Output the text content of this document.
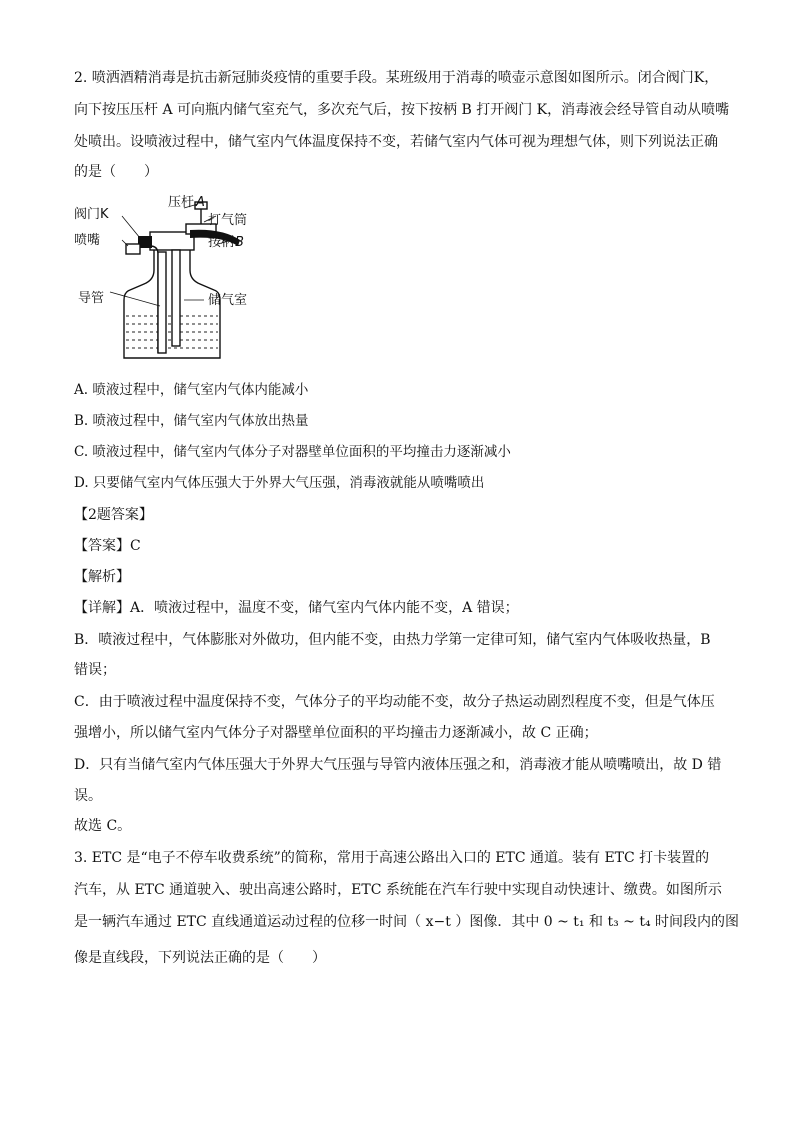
2. 喷洒酒精消毒是抗击新冠肺炎疫情的重要手段。某班级用于消毒的喷壶示意图如图所示。闭合阀门K，
向下按压压杆 A 可向瓶内储气室充气，多次充气后，按下按柄 B 打开阀门 K，消毒液会经导管自动从喷嘴
处喷出。设喷液过程中，储气室内气体温度保持不变，若储气室内气体可视为理想气体，则下列说法正确
的是（　　）
压杆 A
阀门K	打气筒
喷嘴	按柄 B
导管	储气室
A. 喷液过程中，储气室内气体内能减小
B. 喷液过程中，储气室内气体放出热量
C. 喷液过程中，储气室内气体分子对器壁单位面积的平均撞击力逐渐减小
D. 只要储气室内气体压强大于外界大气压强，消毒液就能从喷嘴喷出
【2题答案】
【答案】C
【解析】
【详解】A．喷液过程中，温度不变，储气室内气体内能不变，A 错误；
B．喷液过程中，气体膨胀对外做功，但内能不变，由热力学第一定律可知，储气室内气体吸收热量，B
错误；
C．由于喷液过程中温度保持不变，气体分子的平均动能不变，故分子热运动剧烈程度不变，但是气体压
强增小，所以储气室内气体分子对器壁单位面积的平均撞击力逐渐减小，故 C 正确；
D．只有当储气室内气体压强大于外界大气压强与导管内液体压强之和，消毒液才能从喷嘴喷出，故 D 错
误。
故选 C。
3. ETC 是“电子不停车收费系统”的简称，常用于高速公路出入口的 ETC 通道。装有 ETC 打卡装置的
汽车，从 ETC 通道驶入、驶出高速公路时，ETC 系统能在汽车行驶中实现自动快速计、缴费。如图所示
是一辆汽车通过 ETC 直线通道运动过程的位移一时间（ x−t ）图像．其中 0 ~ t₁ 和 t₃ ~ t₄ 时间段内的图
像是直线段，下列说法正确的是（　　）
